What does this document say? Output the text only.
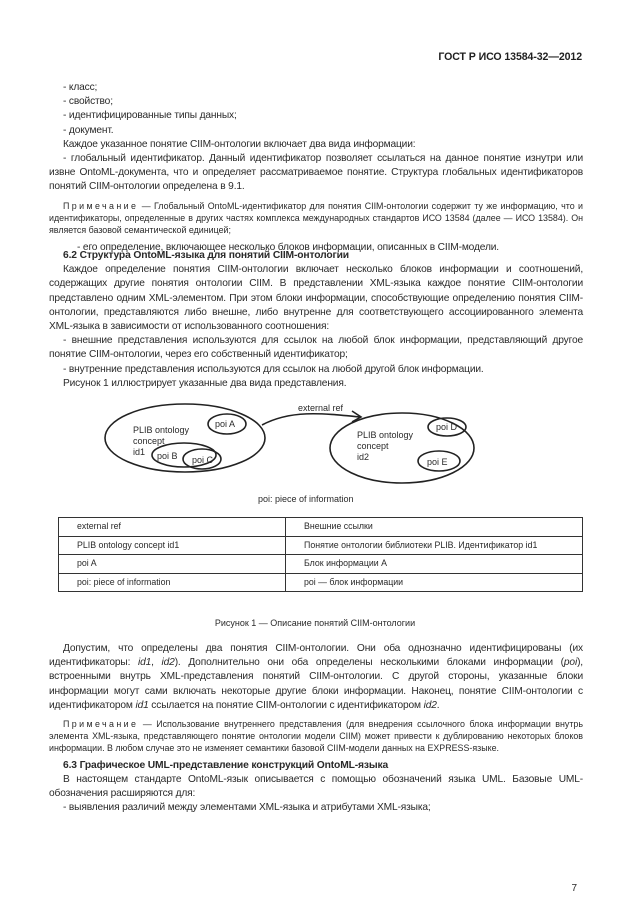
ГОСТ Р ИСО 13584-32—2012

- класс;

- свойство;

- идентифицированные типы данных;

- документ.

Каждое указанное понятие CIIM-онтологии включает два вида информации:

- глобальный идентификатор. Данный идентификатор позволяет ссылаться на данное понятие изнутри или извне OntoML-документа, что и определяет рассматриваемое понятие. Структура глобальных идентификаторов понятий CIIM-онтологии определена в 9.1.

Примечание — Глобальный OntoML-идентификатор для понятия CIIM-онтологии содержит ту же информацию, что и идентификаторы, определенные в других частях комплекса международных стандартов ИСО 13584 (далее — ИСО 13584). Он является базовой семантической единицей;

- его определение, включающее несколько блоков информации, описанных в CIIM-модели.

6.2 Структура OntoML-языка для понятий CIIM-онтологии

Каждое определение понятия CIIM-онтологии включает несколько блоков информации и соотношений, содержащих другие понятия онтологии CIIM. В представлении XML-языка каждое понятие CIIM-онтологии представлено одним XML-элементом. При этом блоки информации, способствующие определению понятия CIIM-онтологии, представляются либо внешне, либо внутренне для соответствующего ассоциированного элемента XML-языка в зависимости от использованного соотношения:

- внешние представления используются для ссылок на любой блок информации, представляющий другое понятие CIIM-онтологии, через его собственный идентификатор;

- внутренние представления используются для ссылок на любой другой блок информации.

Рисунок 1 иллюстрирует указанные два вида представления.

external ref
PLIB ontology
concept
id1
poi A
poi B poi C
PLIB ontology
concept
id2
poi D
poi E
poi: piece of information
external ref	Внешние ссылки
PLIB ontology concept id1	Понятие онтологии библиотеки PLIB. Идентификатор id1
poi A	Блок информации A
poi: piece of information	poi — блок информации
Рисунок 1 — Описание понятий CIIM-онтологии

Допустим, что определены два понятия CIIM-онтологии. Они оба однозначно идентифицированы (их идентификаторы: id1, id2). Дополнительно они оба определены несколькими блоками информации (poi), встроенными внутрь XML-представления понятий CIIM-онтологии. С другой стороны, указанные блоки информации могут сами включать некоторые другие блоки информации. Наконец, понятие CIIM-онтологии с идентификатором id1 ссылается на понятие CIIM-онтологии с идентификатором id2.

Примечание — Использование внутреннего представления (для внедрения ссылочного блока информации внутрь элемента XML-языка, представляющего понятие онтологии модели CIIM) может привести к дублированию некоторых блоков информации. В любом случае это не изменяет семантики базовой CIIM-модели данных на EXPRESS-языке.

6.3 Графическое UML-представление конструкций OntoML-языка

В настоящем стандарте OntoML-язык описывается с помощью обозначений языка UML. Базовые UML-обозначения расширяются для:

- выявления различий между элементами XML-языка и атрибутами XML-языка;

7
